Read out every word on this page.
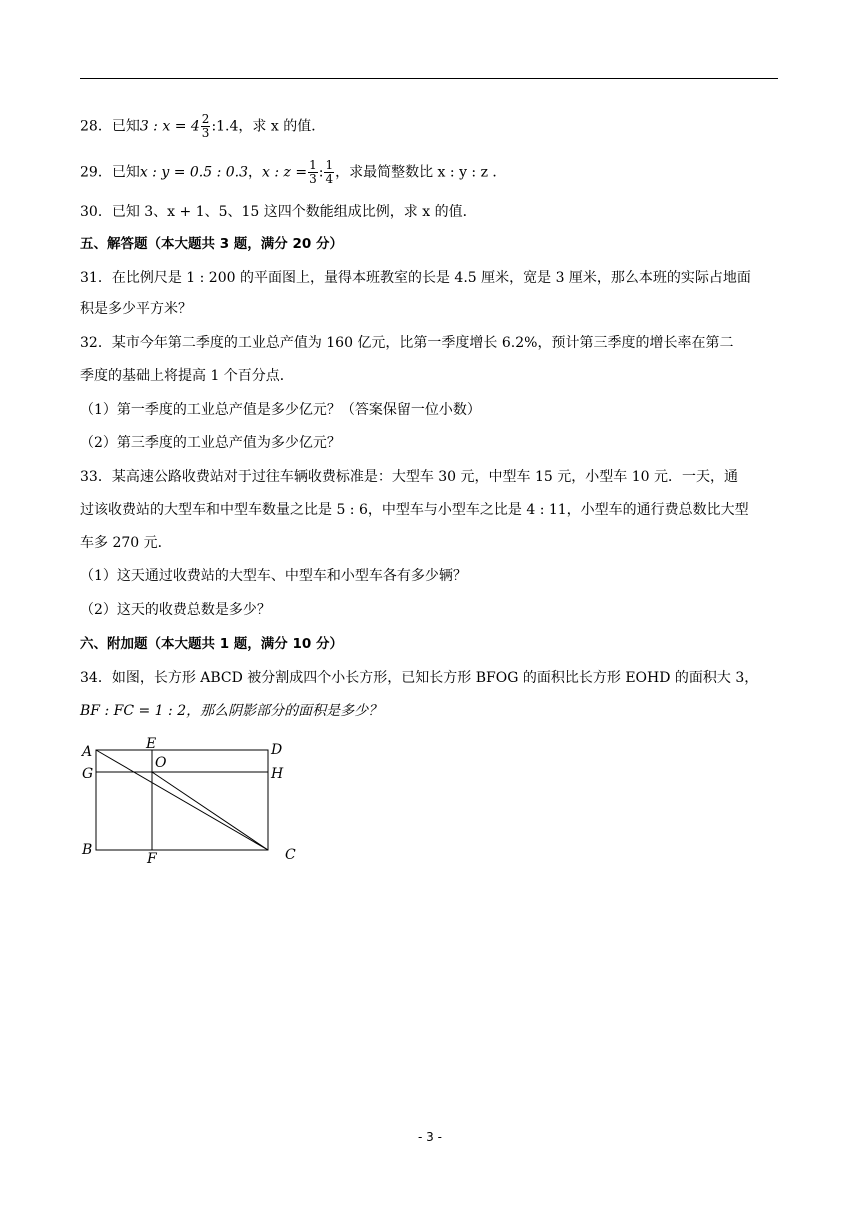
28．已知3 : $x = 4 \frac{2}{3}$ :1.4，求 x 的值．
29．已知x : y = 0.5 : 0.3，x : $z = \frac{1}{3}$ : $\frac{1}{4}$ ，求最简整数比 x : y : z ．
30．已知 3、x + 1、5、15 这四个数能组成比例，求 x 的值．
五、解答题（本大题共 3 题，满分 20 分）
31．在比例尺是 1 : 200 的平面图上，量得本班教室的长是 4.5 厘米，宽是 3 厘米，那么本班的实际占地面
积是多少平方米？
32．某市今年第二季度的工业总产值为 160 亿元，比第一季度增长 6.2%，预计第三季度的增长率在第二
季度的基础上将提高 1 个百分点．
（1）第一季度的工业总产值是多少亿元？（答案保留一位小数）
（2）第三季度的工业总产值为多少亿元？
33．某高速公路收费站对于过往车辆收费标准是：大型车 30 元，中型车 15 元，小型车 10 元．一天，通
过该收费站的大型车和中型车数量之比是 5 : 6，中型车与小型车之比是 4 : 11，小型车的通行费总数比大型
车多 270 元．
（1）这天通过收费站的大型车、中型车和小型车各有多少辆？
（2）这天的收费总数是多少？
六、附加题（本大题共 1 题，满分 10 分）
34．如图，长方形 ABCD 被分割成四个小长方形，已知长方形 BFOG 的面积比长方形 EOHD 的面积大 3，
BF : FC = 1 : 2，那么阴影部分的面积是多少？
A	E	D
G
O
H
B
F	C
- 3 -
